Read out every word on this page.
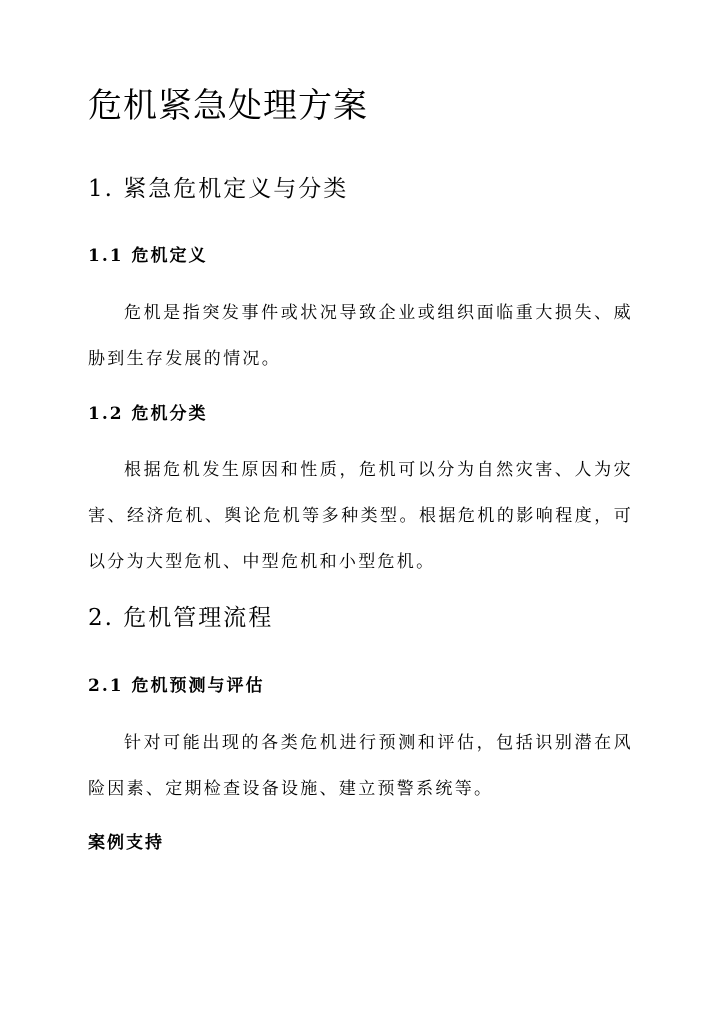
危机紧急处理方案
1. 紧急危机定义与分类
1.1 危机定义

危机是指突发事件或状况导致企业或组织面临重大损失、威胁到生存发展的情况。

1.2 危机分类

根据危机发生原因和性质，危机可以分为自然灾害、人为灾害、经济危机、舆论危机等多种类型。根据危机的影响程度，可以分为大型危机、中型危机和小型危机。

2. 危机管理流程
2.1 危机预测与评估

针对可能出现的各类危机进行预测和评估，包括识别潜在风险因素、定期检查设备设施、建立预警系统等。

案例支持
